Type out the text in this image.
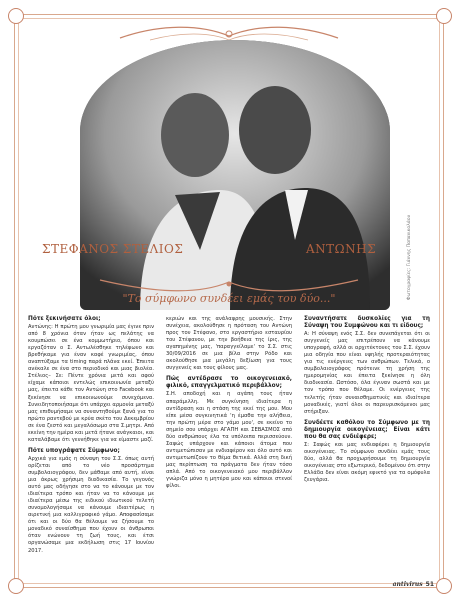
ΣΤΕΦΑΝΟΣ ΣΤΕΛΙΟΣ	ΑΝΤΩΝΗΣ	Φωτογραφίες: Γιάννης Παπανικολάου
"Το σύμφωνο συνδέει εμάς του δύο..."
Πότε ξεκινήσατε όλοι;

Αντώνης: Η πρώτη μου γνωριμία μας έγινε πριν από 8 χρόνια όταν ήταν ως πελάτης να κουμπώσει σε ένα κομμωτήριο, όπου και εργαζόταν ο Σ. Αντωλέσθηκε τηλέφωνο και βρεθήκαμε για έναν καφέ γνωριμίας, όπου αναπτύξαμε τα timing παρά πλάνα εκεί. Έπειτα ανέκαλε σε ένα στο περιοδικό και μιας βιολέα. Στέλιος– Σε: Πέντε χρόνια μετά και αφού είχαμε κάποιοι εντελώς επικοινωνία μεταξύ μας, έπειτα κάθε τον Αντώνη στο Facebook και ξεκίνησε να επικοινωνούμε συνεχόμενα. Συνειδητοποιήσαμε ότι υπάρχει αρμονία μεταξύ μας επιθυμήσαμε να συναντηθούμε ξανά για το πρώτο ραντεβού με κρύα σκέτο του Δεκεμβρίου σε ένα ζεστό και μεγαλόσωμο στα Σ.μητρι. Από εκείνη την ημέρα και μετά ήτανε ανάγκαιοι, και καταλάβαμε ότι γεννήθηκε για να είμαστε μαζί.

Πότε υπογράψατε Σύμφωνο;

Αρχικά για εμάς η σύναψη του Σ.Σ. όπως αυτή ορίζεται από το νέο προσάρτημα συμβολαιογράφου, δεν μάθαμε από αυτή, είναι μια άκρως χρήσιμη διαδικασία. Το γεγονός αυτό μας οδήγησε στο να το κάνουμε με τον ιδιαίτερα τρόπο και ήταν να το κάνουμε με ιδιαίτερα μέσω της ειδικού ιδιωτικού τελετή συνομολογήσαμε να κάνουμε ιδιαιτέρως η αιρετική μια καλλιγραφικό γάμο. Αποφασίσαμε ότι και οι δύο θα θέλουμε να ζήσουμε το μοναδικό συναίσθημα που έχουν οι άνθρωποι όταν ενώνουν τη ζωή τους, και έτσι οργανώσαμε μια εκδήλωση στις 17 Ιουνίου 2017.

κεριών και της ανάλαφρης μουσικής. Στην συνέχεια, ακολούθησε η πρόταση του Αντώνη προς τον Στέφανο, στο εργαστήριο εσταυρίου του Στέφανου, με την βοήθεια της ίρις, της αγαπημένης μας, 'παραγγείλαμε' το Σ.Σ. στις 30/09/2016 σε μια βίλα στην Ρόδο και ακολούθησε μια μεγάλη δεξίωση για τους συγγενείς και τους φίλους μας.

Πώς αντέδρασε το οικογενειακό, φιλικό, επαγγελματικό περιβάλλον;

Σ.Η. αποδοχή και η αγάπη τους ήταν απαράμιλλη. Με συγκίνηση ιδιαίτερα η αντίδραση και η στάση της εκεί της μου. Μου είπε μέσα συγκινητικά 'η έμαθα την αλήθεια, την πρώτη μέρα στο γάμο μου', σε εκείνο το σημείο σου υπάρχει ΑΓΑΠΗ και ΣΕΒΑΣΜΟΣ από δύο ανθρώπους έλα τα υπόλοιπα περισσεύουν. Σαφώς υπάρχουν και κάποιοι άτομα που αντιμετώπισαν με ενδιαφέρον και όλο αυτό και αντιμετωπίζουν το θέμα θετικά. Αλλά στη δική μας περίπτωση τα πράγματα δεν ήταν τόσο απλά. Από το οικογενειακό μου περιβάλλον γνώριζα μόνο η μητέρα μου και κάποιοι στενοί φίλοι.

Συναντήσατε δυσκολίες για τη Σύναψη του Συμφώνου και τι είδους;

Α: Η σύναψη ενός Σ.Σ. δεν συνεπάγεται ότι οι συγγενείς μας επιτρέπουν να κάνουμε υπογραφή, αλλά οι αρχιτέκτονες του Σ.Σ. έχουν μια οδηγία που είναι υψηλής προτεραιότητας για τις ενέργειες των ανθρώπων. Τελικά, ο συμβολαιογράφος πρότεινε τη χρήση της ημερομηνίας και έπειτα ξεκίνησε η όλη διαδικασία. Ωστόσο, όλα έγιναν σωστά και με τον τρόπο που θέλαμε. Οι ενέργειες της τελετής ήταν συναισθηματικές και ιδιαίτερα μοναδικές, γιατί όλοι οι παρευρισκόμενοι μας στήριξαν.

Συνδέετε καθόλου το Σύμφωνο με τη δημιουργία οικογένειας; Είναι κάτι που θα σας ενδιέφερε;

Σ: Σαφώς και μας ενδιαφέρει η δημιουργία οικογένειας. Το σύμφωνο συνδέει εμάς τους δύο, αλλά θα προχωρήσουμε τη δημιουργία οικογένειας στο εξωτερικό, δεδομένου ότι στην Ελλάδα δεν είναι ακόμη εφικτό για τα ομόφυλα ζευγάρια.

antivirus 51
